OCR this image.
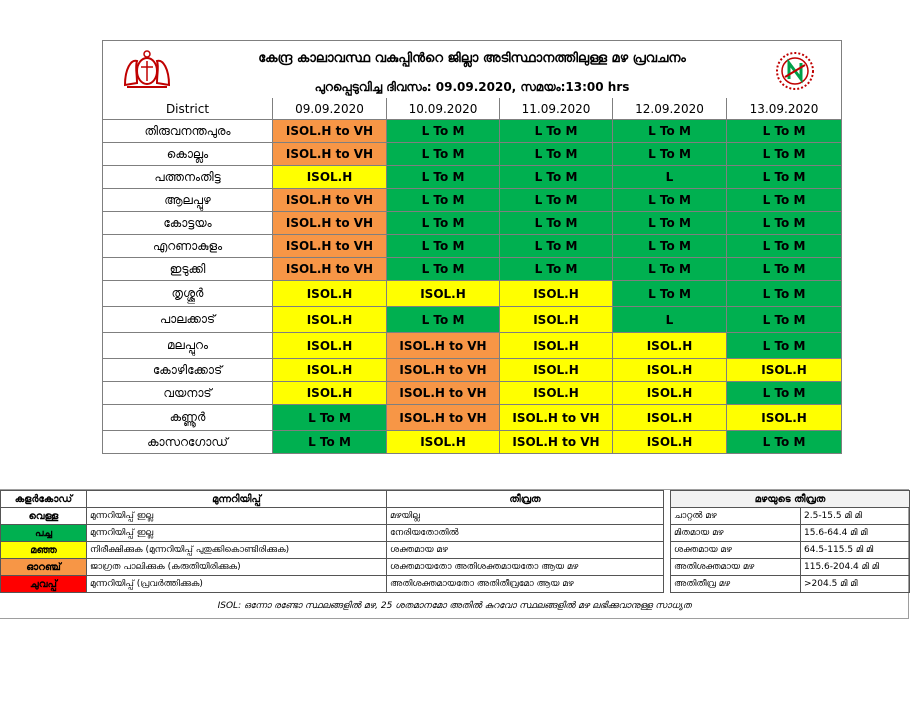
കേന്ദ്ര കാലാവസ്ഥ വകുപ്പിൻറെ ജില്ലാ അടിസ്ഥാനത്തിലുള്ള മഴ പ്രവചനം
പുറപ്പെടുവിച്ച ദിവസം: 09.09.2020, സമയം:13:00 hrs					

District	09.09.2020	10.09.2020	11.09.2020	12.09.2020	13.09.2020
തിരുവനന്തപുരം	ISOL.H to VH	L To M	L To M	L To M	L To M
കൊല്ലം	ISOL.H to VH	L To M	L To M	L To M	L To M
പത്തനംതിട്ട	ISOL.H	L To M	L To M	L	L To M
ആലപ്പുഴ	ISOL.H to VH	L To M	L To M	L To M	L To M
കോട്ടയം	ISOL.H to VH	L To M	L To M	L To M	L To M
എറണാകുളം	ISOL.H to VH	L To M	L To M	L To M	L To M
ഇടുക്കി	ISOL.H to VH	L To M	L To M	L To M	L To M
തൃശ്ശൂർ	ISOL.H	ISOL.H	ISOL.H	L To M	L To M
പാലക്കാട്	ISOL.H	L To M	ISOL.H	L	L To M
മലപ്പുറം	ISOL.H	ISOL.H to VH	ISOL.H	ISOL.H	L To M
കോഴിക്കോട്	ISOL.H	ISOL.H to VH	ISOL.H	ISOL.H	ISOL.H
വയനാട്	ISOL.H	ISOL.H to VH	ISOL.H	ISOL.H	L To M
കണ്ണൂർ	L To M	ISOL.H to VH	ISOL.H to VH	ISOL.H	ISOL.H
കാസറഗോഡ്	L To M	ISOL.H	ISOL.H to VH	ISOL.H	L To M
കളർകോഡ്	മുന്നറിയിപ്പ്	തീവ്രത
വെള്ള	മുന്നറിയിപ്പ് ഇല്ല	മഴയില്ല
പച്ച	മുന്നറിയിപ്പ് ഇല്ല	നേരിയതോതിൽ
മഞ്ഞ	നിരീക്ഷിക്കുക (മുന്നറിയിപ്പ് പുതുക്കികൊണ്ടിരിക്കുക)	ശക്തമായ മഴ
ഓറഞ്ച്	ജാഗ്രത പാലിക്കുക (കരുതിയിരിക്കുക)	ശക്തമായതോ അതിശക്തമായതോ ആയ മഴ
ചുവപ്പ്	മുന്നറിയിപ്പ് (പ്രവർത്തിക്കുക)	അതിശക്തമായതോ അതിതീവ്രമോ ആയ മഴ
മഴയുടെ തീവ്രത	
ചാറ്റൽ മഴ	2.5-15.5 മി മി
മിതമായ മഴ	15.6-64.4 മി മി
ശക്തമായ മഴ	64.5-115.5 മി മി
അതിശക്തമായ മഴ	115.6-204.4 മി മി
അതിതീവ്ര മഴ	>204.5 മി മി
ISOL: ഒന്നോ രണ്ടോ സ്ഥലങ്ങളിൽ മഴ, 25 ശതമാനമോ അതിൽ കുറവോ സ്ഥലങ്ങളിൽ മഴ ലഭിക്കുവാനുള്ള സാധ്യത
